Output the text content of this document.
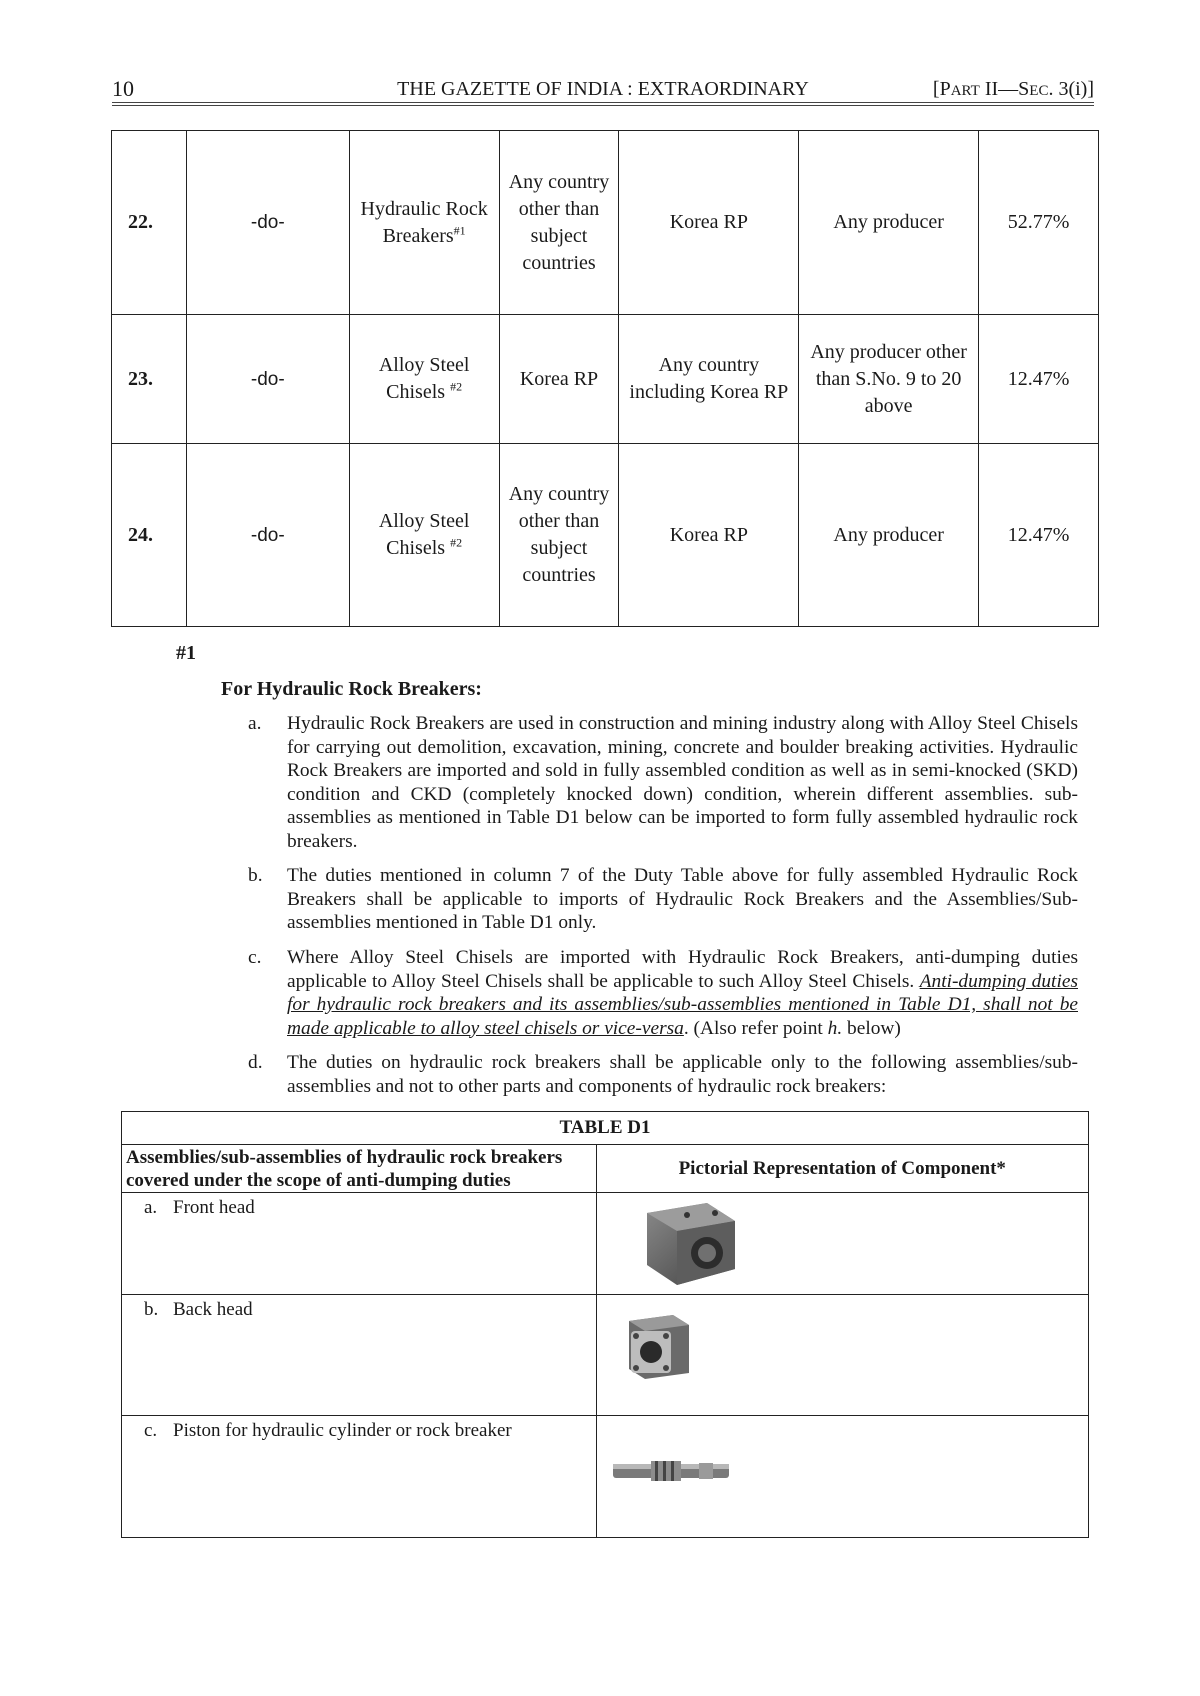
10	THE GAZETTE OF INDIA : EXTRAORDINARY	[PART II—SEC. 3(i)]
22.	-do-	Hydraulic Rock Breakers$^{\#1}$	Any country other than subject countries	Korea RP	Any producer	52.77%
23.	-do-	Alloy Steel Chisels $^{\#2}$	Korea RP	Any country including Korea RP	Any producer other than S.No. 9 to 20 above	12.47%
24.	-do-	Alloy Steel Chisels $^{\#2}$	Any country other than subject countries	Korea RP	Any producer	12.47%
#1
For Hydraulic Rock Breakers:
a. Hydraulic Rock Breakers are used in construction and mining industry along with Alloy Steel Chisels for carrying out demolition, excavation, mining, concrete and boulder breaking activities. Hydraulic Rock Breakers are imported and sold in fully assembled condition as well as in semi-knocked (SKD) condition and CKD (completely knocked down) condition, wherein different assemblies. sub-assemblies as mentioned in Table D1 below can be imported to form fully assembled hydraulic rock breakers.
b. The duties mentioned in column 7 of the Duty Table above for fully assembled Hydraulic Rock Breakers shall be applicable to imports of Hydraulic Rock Breakers and the Assemblies/Sub-assemblies mentioned in Table D1 only.
c. Where Alloy Steel Chisels are imported with Hydraulic Rock Breakers, anti-dumping duties applicable to Alloy Steel Chisels shall be applicable to such Alloy Steel Chisels. Anti-dumping duties for hydraulic rock breakers and its assemblies/sub-assemblies mentioned in Table D1, shall not be made applicable to alloy steel chisels or vice-versa. (Also refer point h. below)
d. The duties on hydraulic rock breakers shall be applicable only to the following assemblies/sub-assemblies and not to other parts and components of hydraulic rock breakers:
TABLE D1	
Assemblies/sub-assemblies of hydraulic rock breakers covered under the scope of anti-dumping duties	Pictorial Representation of Component*
a. Front head	

b. Back head	

c. Piston for hydraulic cylinder or rock breaker	
